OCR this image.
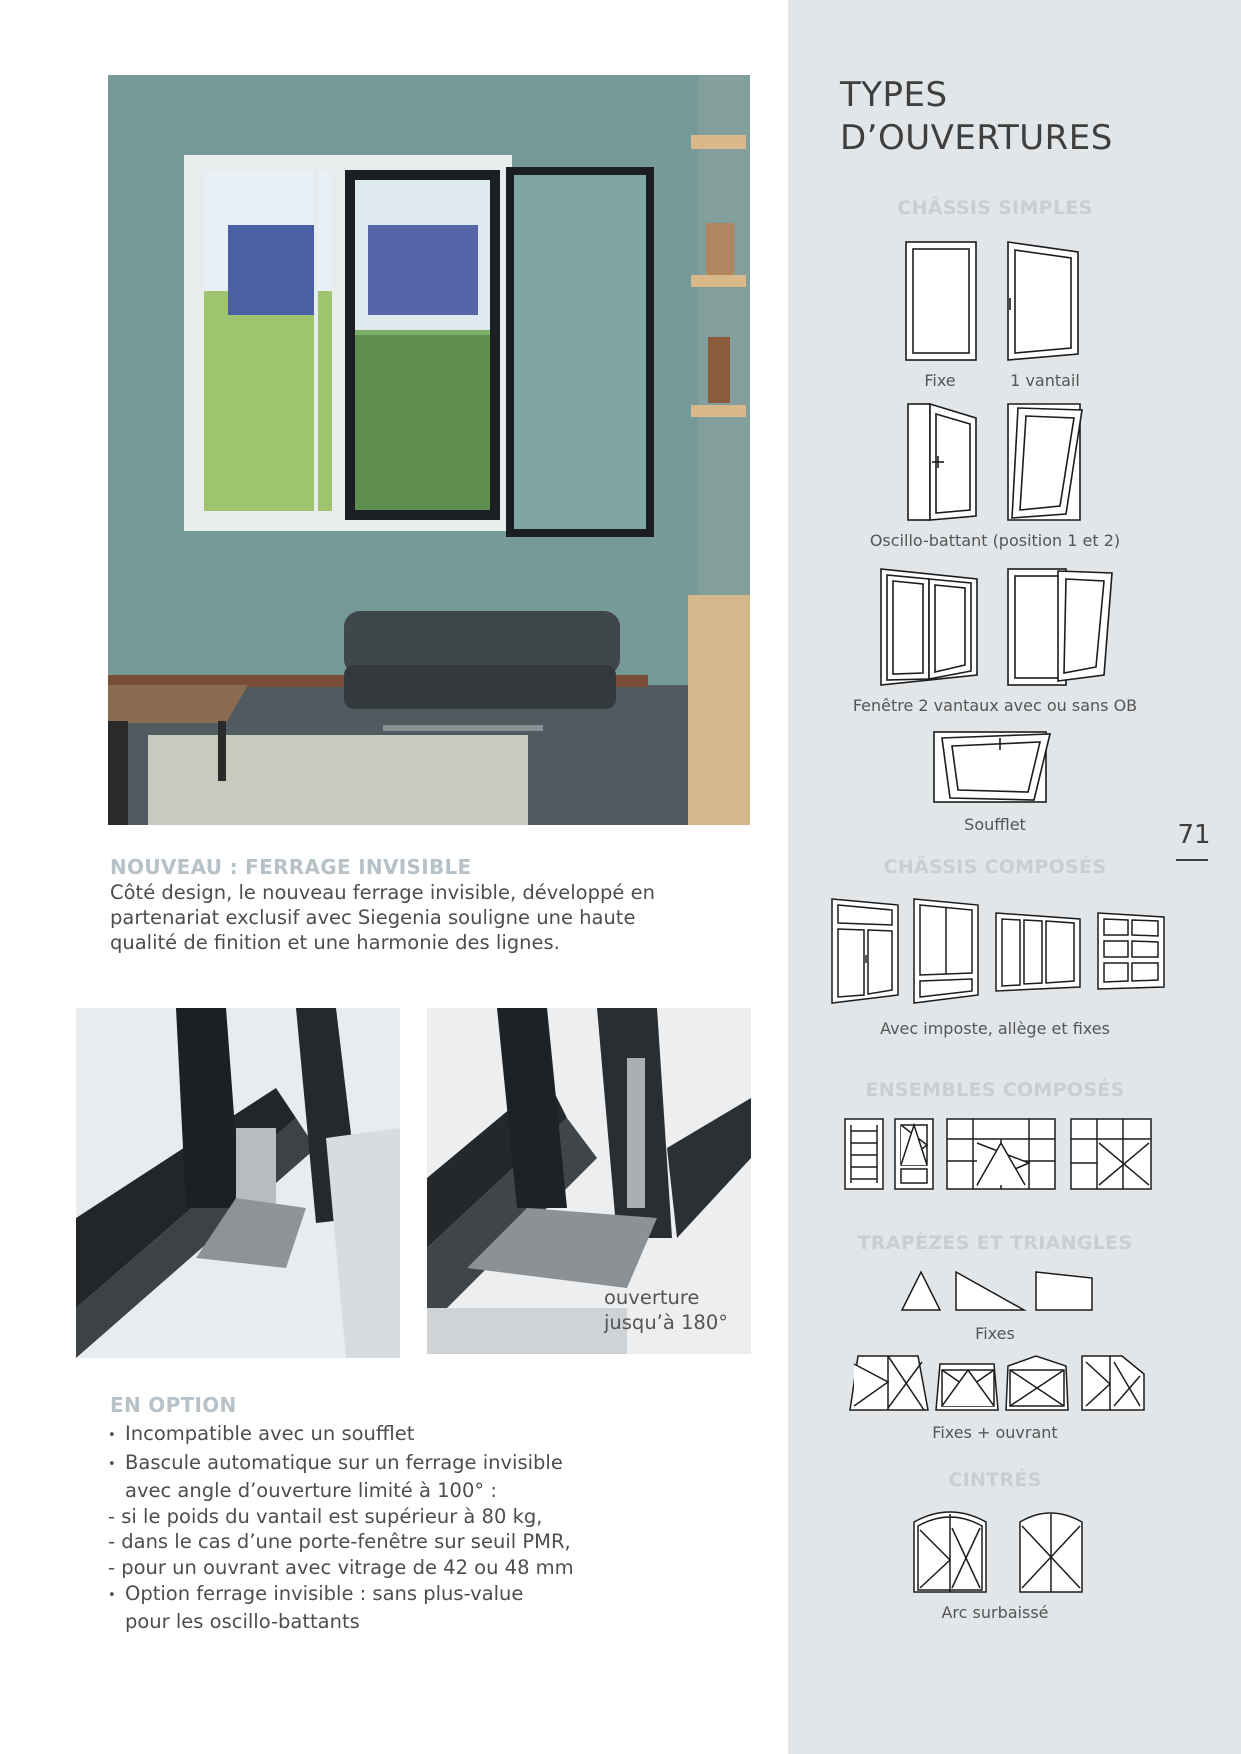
NOUVEAU : FERRAGE INVISIBLE
Côté design, le nouveau ferrage invisible, développé en
partenariat exclusif avec Siegenia souligne une haute
qualité de finition et une harmonie des lignes.
ouverture
jusqu’à 180°
EN OPTION
•
Incompatible avec un soufflet
•
Bascule automatique sur un ferrage invisible
avec angle d’ouverture limité à 100° :
- si le poids du vantail est supérieur à 80 kg,
- dans le cas d’une porte-fenêtre sur seuil PMR,
- pour un ouvrant avec vitrage de 42 ou 48 mm
•
Option ferrage invisible : sans plus-value
pour les oscillo-battants
TYPES
D’OUVERTURES
CHÂSSIS SIMPLES
Fixe	1 vantail
Oscillo-battant (position 1 et 2)
Fenêtre 2 vantaux avec ou sans OB
Soufflet	71
CHÂSSIS COMPOSÉS
Avec imposte, allège et fixes
ENSEMBLES COMPOSÉS
TRAPÈZES ET TRIANGLES
Fixes
Fixes + ouvrant
CINTRÉS
Arc surbaissé
